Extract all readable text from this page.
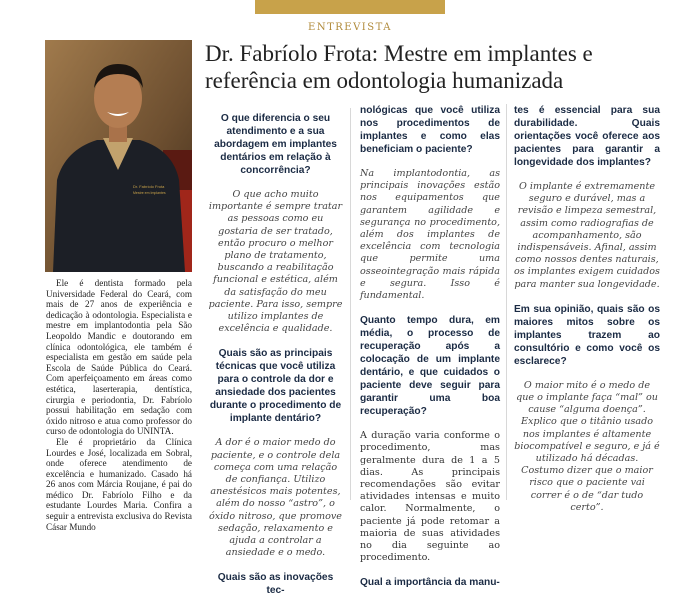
ENTREVISTA
Dr. Fabríolo Frota: Mestre em implantes e referência em odontologia humanizada
Dr. Fabríolo Frota
Mestre em Implantes

Ele é dentista formado pela Universidade Federal do Ceará, com mais de 27 anos de experiência e dedicação à odontologia. Especialista e mestre em implantodontia pela São Leopoldo Mandic e doutorando em clínica odontológica, ele também é especialista em gestão em saúde pela Escola de Saúde Pública do Ceará. Com aperfeiçoamento em áreas como estética, laserterapia, dentística, cirurgia e periodontia, Dr. Fabríolo possui habilitação em sedação com óxido nitroso e atua como professor do curso de odontologia do UNINTA.

Ele é proprietário da Clínica Lourdes e José, localizada em Sobral, onde oferece atendimento de excelência e humanizado. Casado há 26 anos com Márcia Roujane, é pai do médico Dr. Fabríolo Filho e da estudante Lourdes Maria. Confira a seguir a entrevista exclusiva do Revista Cásar Mundo

O que diferencia o seu atendimento e a sua abordagem em implantes dentários em relação à concorrência?

O que acho muito importante é sempre tratar as pessoas como eu gostaria de ser tratado, então procuro o melhor plano de tratamento, buscando a reabilitação funcional e estética, além da satisfação do meu paciente. Para isso, sempre utilizo implantes de excelência e qualidade.

Quais são as principais técnicas que você utiliza para o controle da dor e ansiedade dos pacientes durante o procedimento de implante dentário?

A dor é o maior medo do paciente, e o controle dela começa com uma relação de confiança. Utilizo anestésicos mais potentes, além do nosso “astro”, o óxido nitroso, que promove sedação, relaxamento e ajuda a controlar a ansiedade e o medo.

Quais são as inovações tec-

nológicas que você utiliza nos procedimentos de implantes e como elas beneficiam o paciente?

Na implantodontia, as principais inovações estão nos equipamentos que garantem agilidade e segurança no procedimento, além dos implantes de excelência com tecnologia que permite uma osseointegração mais rápida e segura. Isso é fundamental.

Quanto tempo dura, em média, o processo de recuperação após a colocação de um implante dentário, e que cuidados o paciente deve seguir para garantir uma boa recuperação?

A duração varia conforme o procedimento, mas geralmente dura de 1 a 5 dias. As principais recomendações são evitar atividades intensas e muito calor. Normalmente, o paciente já pode retomar a maioria de suas atividades no dia seguinte ao procedimento.

Qual a importância da manu-

tes é essencial para sua durabilidade. Quais orientações você oferece aos pacientes para garantir a longevidade dos implantes?

O implante é extremamente seguro e durável, mas a revisão e limpeza semestral, assim como radiografias de acompanhamento, são indispensáveis. Afinal, assim como nossos dentes naturais, os implantes exigem cuidados para manter sua longevidade.

Em sua opinião, quais são os maiores mitos sobre os implantes trazem ao consultório e como você os esclarece?

O maior mito é o medo de que o implante faça “mal” ou cause “alguma doença”. Explico que o titânio usado nos implantes é altamente biocompatível e seguro, e já é utilizado há décadas. Costumo dizer que o maior risco que o paciente vai correr é o de “dar tudo certo”.
